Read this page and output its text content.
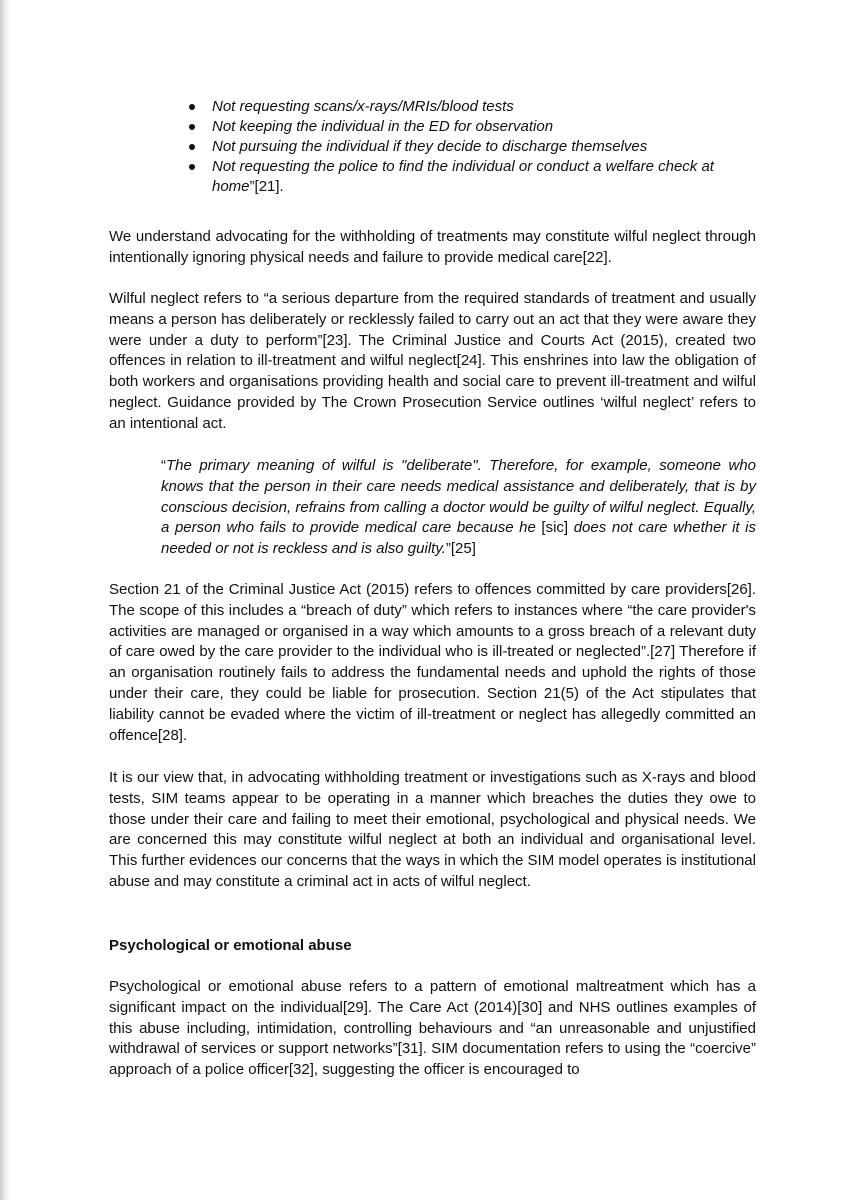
Not requesting scans/x-rays/MRIs/blood tests
Not keeping the individual in the ED for observation
Not pursuing the individual if they decide to discharge themselves
Not requesting the police to find the individual or conduct a welfare check at home”[21].

We understand advocating for the withholding of treatments may constitute wilful neglect through intentionally ignoring physical needs and failure to provide medical care[22].

Wilful neglect refers to “a serious departure from the required standards of treatment and usually means a person has deliberately or recklessly failed to carry out an act that they were aware they were under a duty to perform”[23]. The Criminal Justice and Courts Act (2015), created two offences in relation to ill-treatment and wilful neglect[24]. This enshrines into law the obligation of both workers and organisations providing health and social care to prevent ill-treatment and wilful neglect. Guidance provided by The Crown Prosecution Service outlines ‘wilful neglect’ refers to an intentional act.

“The primary meaning of wilful is "deliberate". Therefore, for example, someone who knows that the person in their care needs medical assistance and deliberately, that is by conscious decision, refrains from calling a doctor would be guilty of wilful neglect. Equally, a person who fails to provide medical care because he [sic] does not care whether it is needed or not is reckless and is also guilty.”[25]

Section 21 of the Criminal Justice Act (2015) refers to offences committed by care providers[26]. The scope of this includes a “breach of duty” which refers to instances where “the care provider's activities are managed or organised in a way which amounts to a gross breach of a relevant duty of care owed by the care provider to the individual who is ill-treated or neglected”.[27] Therefore if an organisation routinely fails to address the fundamental needs and uphold the rights of those under their care, they could be liable for prosecution. Section 21(5) of the Act stipulates that liability cannot be evaded where the victim of ill-treatment or neglect has allegedly committed an offence[28].

It is our view that, in advocating withholding treatment or investigations such as X-rays and blood tests, SIM teams appear to be operating in a manner which breaches the duties they owe to those under their care and failing to meet their emotional, psychological and physical needs. We are concerned this may constitute wilful neglect at both an individual and organisational level. This further evidences our concerns that the ways in which the SIM model operates is institutional abuse and may constitute a criminal act in acts of wilful neglect.

Psychological or emotional abuse

Psychological or emotional abuse refers to a pattern of emotional maltreatment which has a significant impact on the individual[29]. The Care Act (2014)[30] and NHS outlines examples of this abuse including, intimidation, controlling behaviours and “an unreasonable and unjustified withdrawal of services or support networks”[31]. SIM documentation refers to using the “coercive” approach of a police officer[32], suggesting the officer is encouraged to
